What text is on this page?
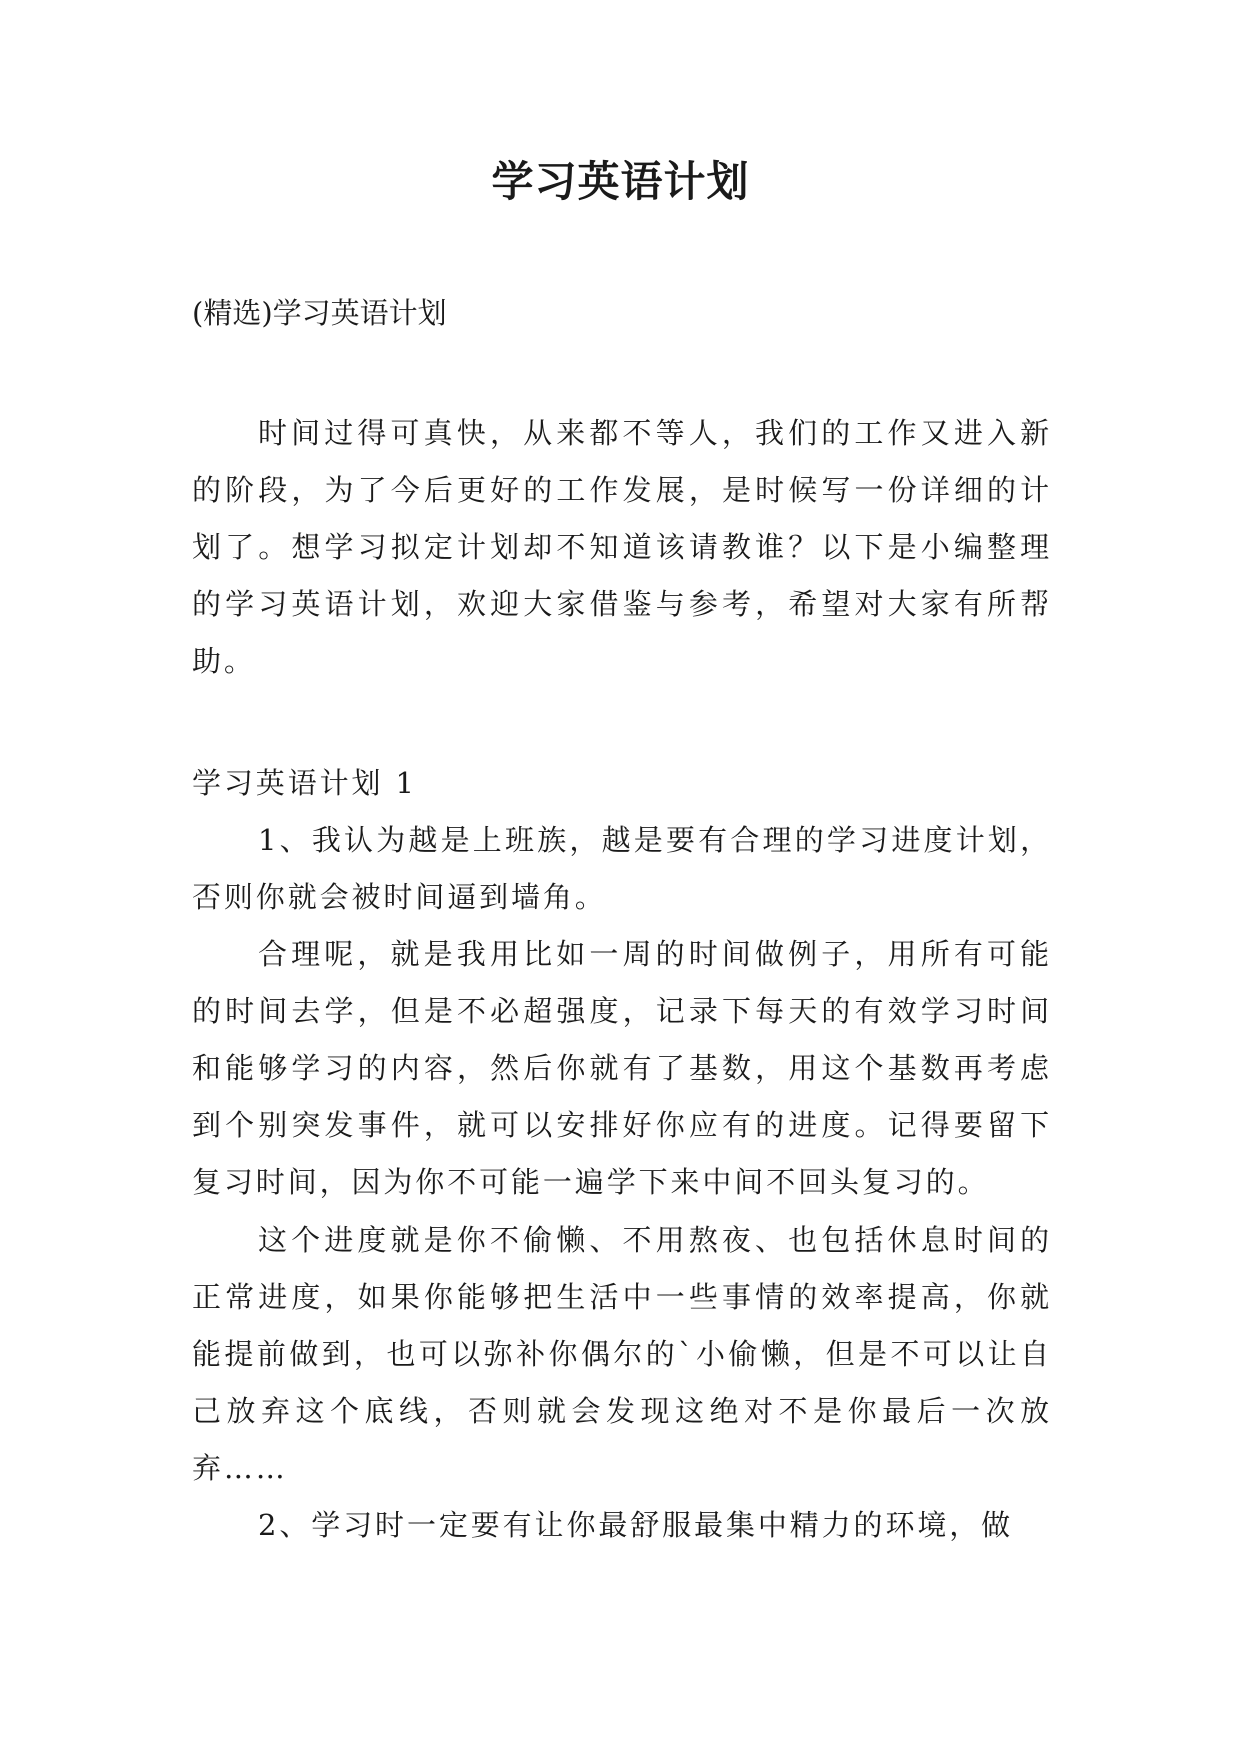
学习英语计划

(精选)学习英语计划

时间过得可真快，从来都不等人，我们的工作又进入新的阶段，为了今后更好的工作发展，是时候写一份详细的计划了。想学习拟定计划却不知道该请教谁？以下是小编整理的学习英语计划，欢迎大家借鉴与参考，希望对大家有所帮助。

学习英语计划 1

1、我认为越是上班族，越是要有合理的学习进度计划，否则你就会被时间逼到墙角。

合理呢，就是我用比如一周的时间做例子，用所有可能的时间去学，但是不必超强度，记录下每天的有效学习时间和能够学习的内容，然后你就有了基数，用这个基数再考虑到个别突发事件，就可以安排好你应有的进度。记得要留下复习时间，因为你不可能一遍学下来中间不回头复习的。

这个进度就是你不偷懒、不用熬夜、也包括休息时间的正常进度，如果你能够把生活中一些事情的效率提高，你就能提前做到，也可以弥补你偶尔的`小偷懒，但是不可以让自己放弃这个底线，否则就会发现这绝对不是你最后一次放弃……

2、学习时一定要有让你最舒服最集中精力的环境，做
